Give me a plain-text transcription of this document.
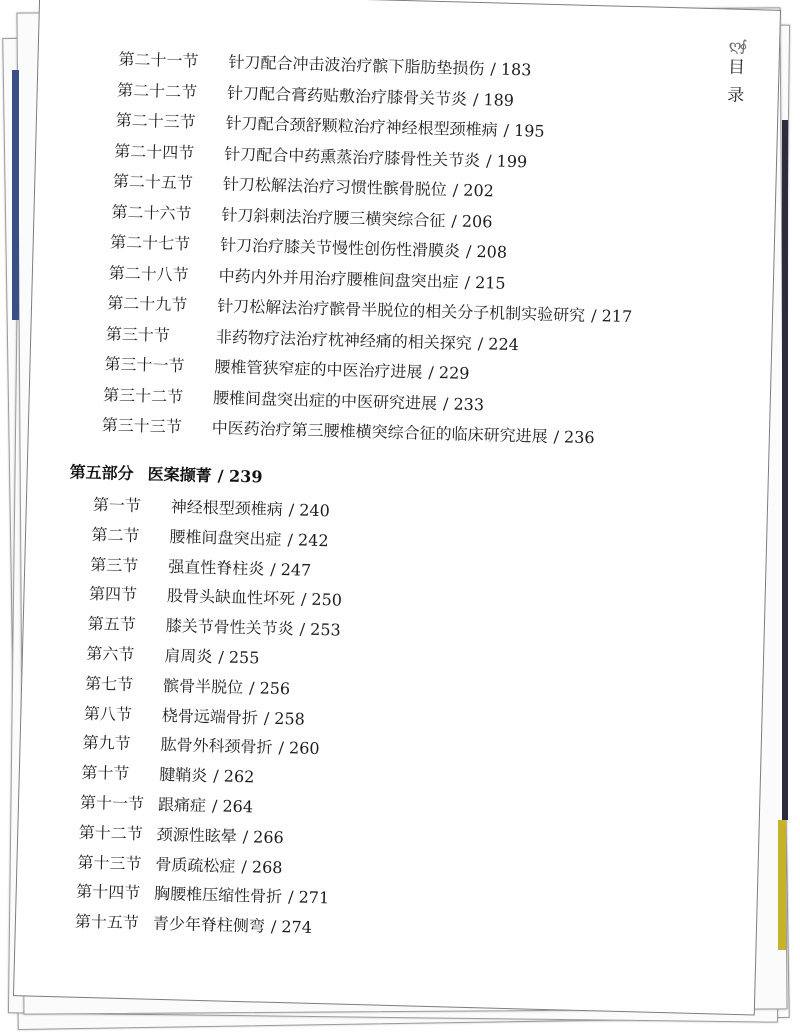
ღ∮
目
录
第二十一节 针刀配合冲击波治疗髌下脂肪垫损伤 / 183
第二十二节 针刀配合膏药贴敷治疗膝骨关节炎 / 189
第二十三节 针刀配合颈舒颗粒治疗神经根型颈椎病 / 195
第二十四节 针刀配合中药熏蒸治疗膝骨性关节炎 / 199
第二十五节 针刀松解法治疗习惯性髌骨脱位 / 202
第二十六节 针刀斜刺法治疗腰三横突综合征 / 206
第二十七节 针刀治疗膝关节慢性创伤性滑膜炎 / 208
第二十八节 中药内外并用治疗腰椎间盘突出症 / 215
第二十九节 针刀松解法治疗髌骨半脱位的相关分子机制实验研究 / 217
第三十节	非药物疗法治疗枕神经痛的相关探究 / 224
第三十一节 腰椎管狭窄症的中医治疗进展 / 229
第三十二节 腰椎间盘突出症的中医研究进展 / 233
第三十三节 中医药治疗第三腰椎横突综合征的临床研究进展 / 236
第五部分 医案撷菁 / 239
第一节 神经根型颈椎病 / 240
第二节 腰椎间盘突出症 / 242
第三节 强直性脊柱炎 / 247
第四节 股骨头缺血性坏死 / 250
第五节 膝关节骨性关节炎 / 253
第六节 肩周炎 / 255
第七节 髌骨半脱位 / 256
第八节 桡骨远端骨折 / 258
第九节 肱骨外科颈骨折 / 260
第十节 腱鞘炎 / 262
第十一节 跟痛症 / 264
第十二节 颈源性眩晕 / 266
第十三节 骨质疏松症 / 268
第十四节 胸腰椎压缩性骨折 / 271
第十五节 青少年脊柱侧弯 / 274
